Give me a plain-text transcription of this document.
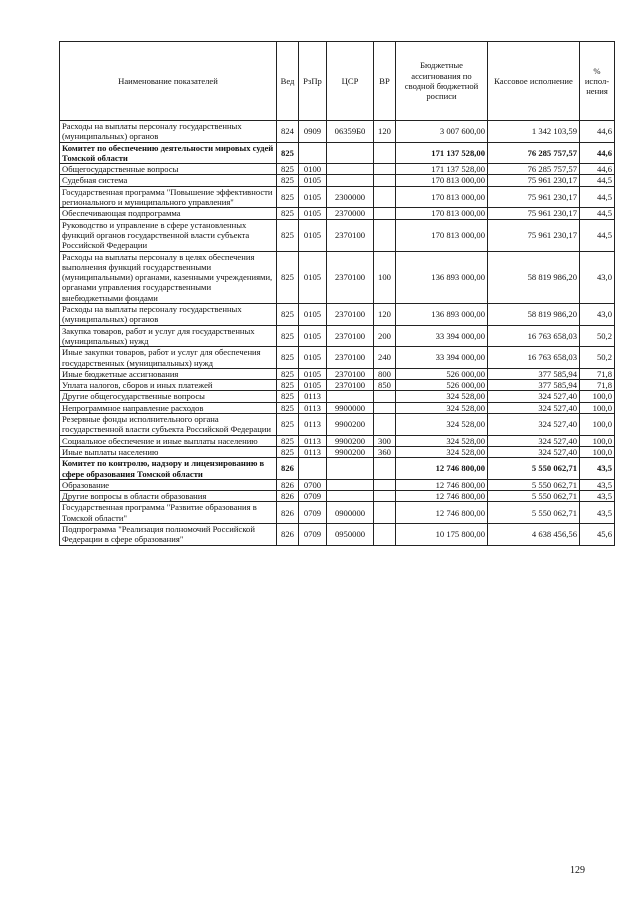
Наименование показателей	Вед	РзПр	ЦСР	ВР	Бюджетные ассигнования по сводной бюджетной росписи	Кассовое исполнение	% испол-нения
Расходы на выплаты персоналу государственных (муниципальных) органов	824	0909	06359Б0	120	3 007 600,00	1 342 103,59	44,6
Комитет по обеспечению деятельности мировых судей Томской области	825				171 137 528,00	76 285 757,57	44,6
Общегосударственные вопросы	825	0100			171 137 528,00	76 285 757,57	44,6
Судебная система	825	0105			170 813 000,00	75 961 230,17	44,5
Государственная программа "Повышение эффективности регионального и муниципального управления"	825	0105	2300000		170 813 000,00	75 961 230,17	44,5
Обеспечивающая подпрограмма	825	0105	2370000		170 813 000,00	75 961 230,17	44,5
Руководство и управление в сфере установленных функций органов государственной власти субъекта Российской Федерации	825	0105	2370100		170 813 000,00	75 961 230,17	44,5
Расходы на выплаты персоналу в целях обеспечения выполнения функций государственными (муниципальными) органами, казенными учреждениями, органами управления государственными внебюджетными фондами	825	0105	2370100	100	136 893 000,00	58 819 986,20	43,0
Расходы на выплаты персоналу государственных (муниципальных) органов	825	0105	2370100	120	136 893 000,00	58 819 986,20	43,0
Закупка товаров, работ и услуг для государственных (муниципальных) нужд	825	0105	2370100	200	33 394 000,00	16 763 658,03	50,2
Иные закупки товаров, работ и услуг для обеспечения государственных (муниципальных) нужд	825	0105	2370100	240	33 394 000,00	16 763 658,03	50,2
Иные бюджетные ассигнования	825	0105	2370100	800	526 000,00	377 585,94	71,8
Уплата налогов, сборов и иных платежей	825	0105	2370100	850	526 000,00	377 585,94	71,8
Другие общегосударственные вопросы	825	0113			324 528,00	324 527,40	100,0
Непрограммное направление расходов	825	0113	9900000		324 528,00	324 527,40	100,0
Резервные фонды исполнительного органа государственной власти субъекта Российской Федерации	825	0113	9900200		324 528,00	324 527,40	100,0
Социальное обеспечение и иные выплаты населению	825	0113	9900200	300	324 528,00	324 527,40	100,0
Иные выплаты населению	825	0113	9900200	360	324 528,00	324 527,40	100,0
Комитет по контролю, надзору и лицензированию в сфере образования Томской области	826				12 746 800,00	5 550 062,71	43,5
Образование	826	0700			12 746 800,00	5 550 062,71	43,5
Другие вопросы в области образования	826	0709			12 746 800,00	5 550 062,71	43,5
Государственная программа "Развитие образования в Томской области"	826	0709	0900000		12 746 800,00	5 550 062,71	43,5
Подпрограмма "Реализация полномочий Российской Федерации в сфере образования"	826	0709	0950000		10 175 800,00	4 638 456,56	45,6
129
